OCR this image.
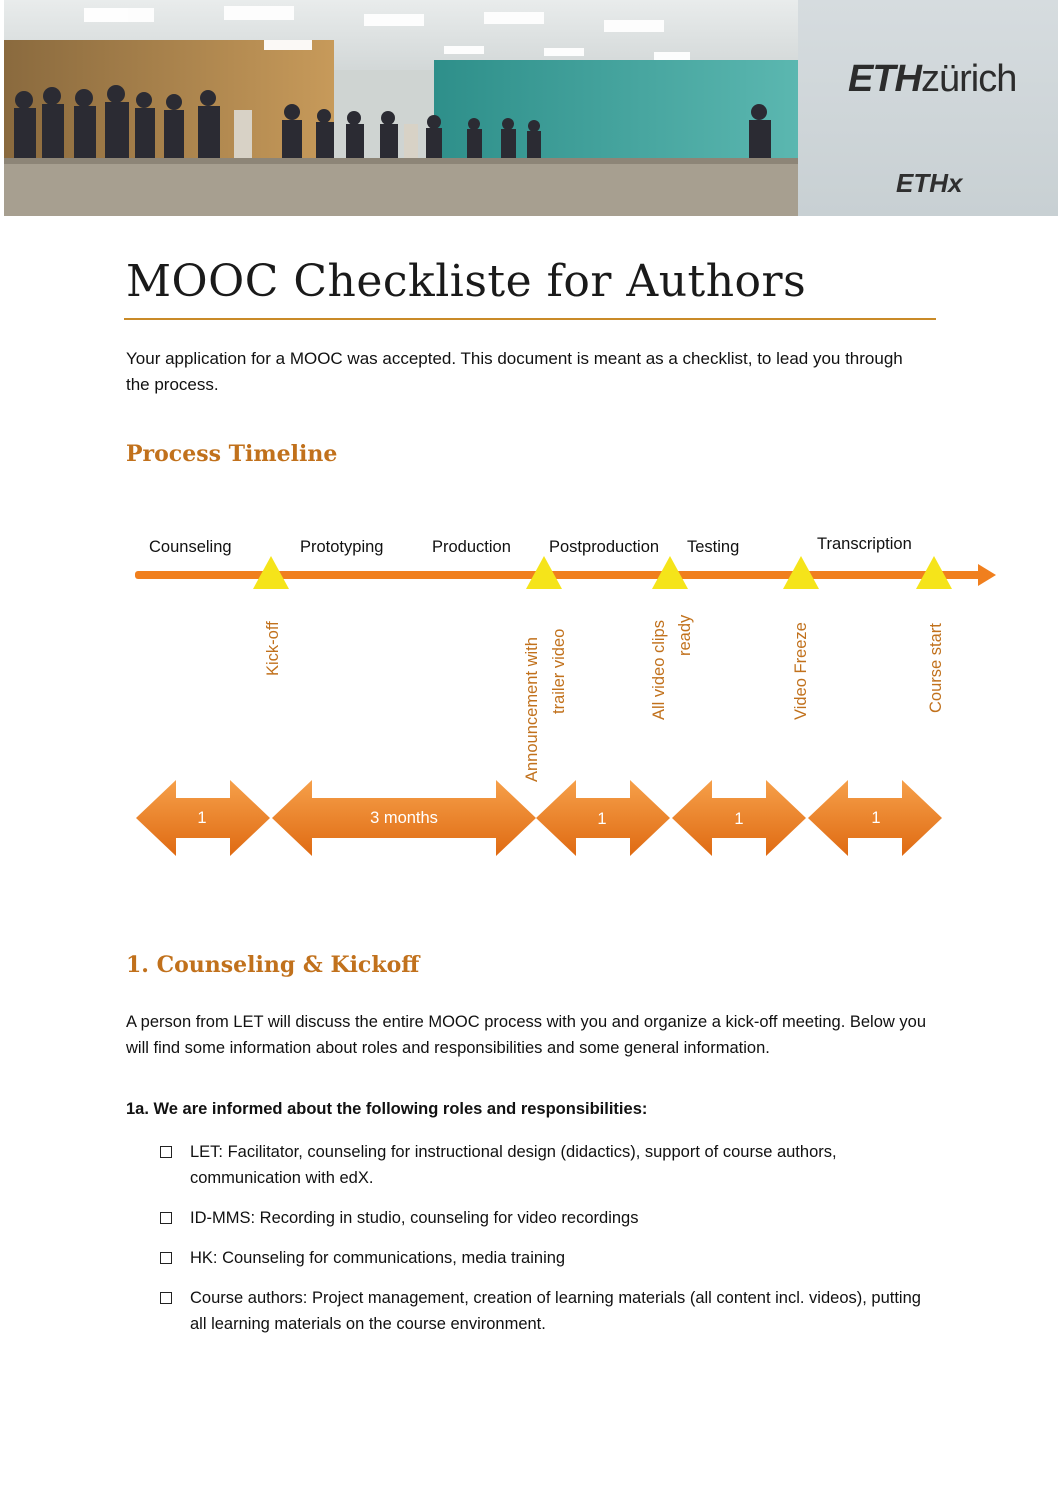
ETHzürich
ETHx
MOOC Checkliste for Authors
Your application for a MOOC was accepted. This document is meant as a checklist, to lead you through the process.
Process Timeline
Counseling	Prototyping	Production Postproduction Testing	Transcription
Kick-off	Announcement with trailer video	All video clips ready	Video Freeze	Course start
1	3 months	1	1	1
1. Counseling & Kickoff
A person from LET will discuss the entire MOOC process with you and organize a kick-off meeting. Below you will find some information about roles and responsibilities and some general information.
1a. We are informed about the following roles and responsibilities:
LET: Facilitator, counseling for instructional design (didactics), support of course authors, communication with edX.
ID-MMS: Recording in studio, counseling for video recordings
HK: Counseling for communications, media training
Course authors: Project management, creation of learning materials (all content incl. videos), putting all learning materials on the course environment.
